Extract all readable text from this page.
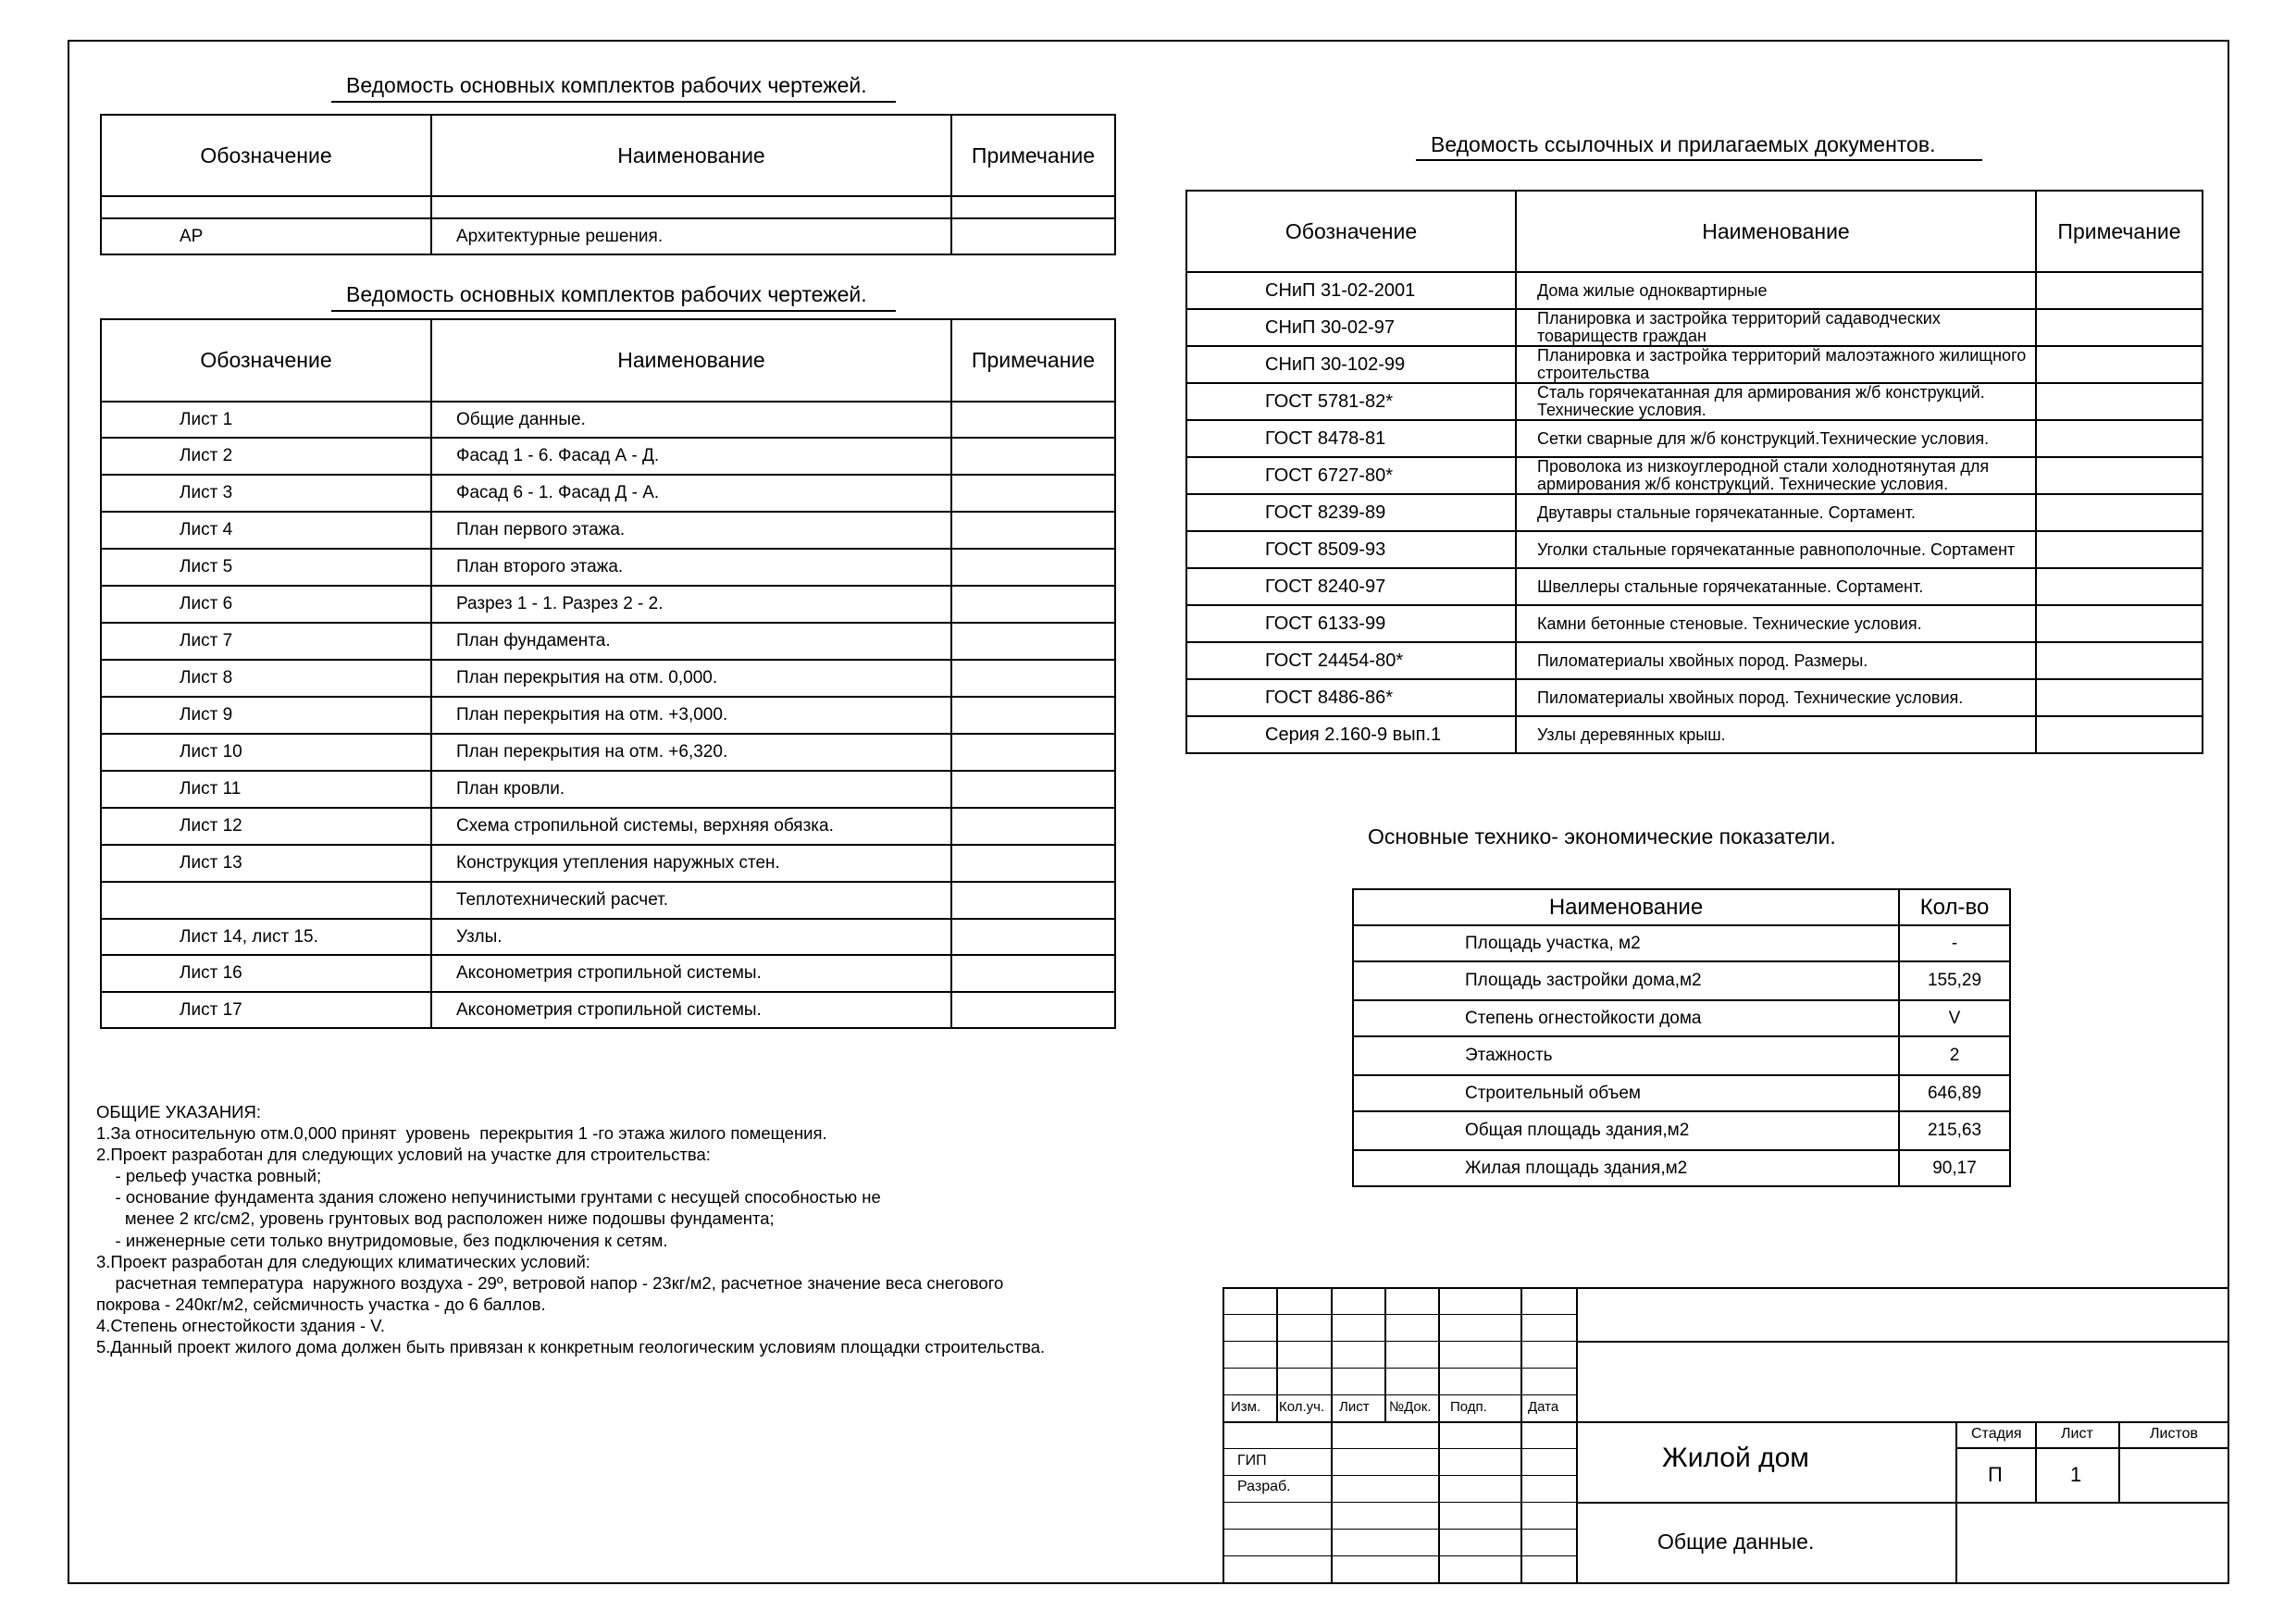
Ведомость основных комплектов рабочих чертежей.
Обозначение	Наименование	Примечание

АР	Архитектурные решения.	
Ведомость основных комплектов рабочих чертежей.
Обозначение	Наименование	Примечание
Лист 1	Общие данные.	
Лист 2	Фасад 1 - 6. Фасад А - Д.	
Лист 3	Фасад 6 - 1. Фасад Д - А.	
Лист 4	План первого этажа.	
Лист 5	План второго этажа.	
Лист 6	Разрез 1 - 1. Разрез 2 - 2.	
Лист 7	План фундамента.	
Лист 8	План перекрытия на отм. 0,000.	
Лист 9	План перекрытия на отм. +3,000.	
Лист 10	План перекрытия на отм. +6,320.	
Лист 11	План кровли.	
Лист 12	Схема стропильной системы, верхняя обязка.	
Лист 13	Конструкция утепления наружных стен.	
	Теплотехнический расчет.	
Лист 14, лист 15.	Узлы.	
Лист 16	Аксонометрия стропильной системы.	
Лист 17	Аксонометрия стропильной системы.	
Ведомость ссылочных и прилагаемых документов.
Обозначение	Наименование	Примечание
СНиП 31-02-2001	Дома жилые одноквартирные	
СНиП 30-02-97	Планировка и застройка территорий садаводческих товариществ граждан	
СНиП 30-102-99	Планировка и застройка территорий малоэтажного жилищного строительства	
ГОСТ 5781-82*	Сталь горячекатанная для армирования ж/б конструкций. Технические условия.	
ГОСТ 8478-81	Сетки сварные для ж/б конструкций.Технические условия.	
ГОСТ 6727-80*	Проволока из низкоуглеродной стали холоднотянутая для армирования ж/б конструкций. Технические условия.	
ГОСТ 8239-89	Двутавры стальные горячекатанные. Сортамент.	
ГОСТ 8509-93	Уголки стальные горячекатанные равнополочные. Сортамент	
ГОСТ 8240-97	Швеллеры стальные горячекатанные. Сортамент.	
ГОСТ 6133-99	Камни бетонные стеновые. Технические условия.	
ГОСТ 24454-80*	Пиломатериалы хвойных пород. Размеры.	
ГОСТ 8486-86*	Пиломатериалы хвойных пород. Технические условия.	
Серия 2.160-9 вып.1	Узлы деревянных крыш.	
Основные технико- экономические показатели.
Наименование	Кол-во
Площадь участка, м2	-
Площадь застройки дома,м2	155,29
Степень огнестойкости дома	V
Этажность	2
Строительный объем	646,89
Общая площадь здания,м2	215,63
Жилая площадь здания,м2	90,17
ОБЩИЕ УКАЗАНИЯ:
1.За относительную отм.0,000 принят  уровень  перекрытия 1 -го этажа жилого помещения.
2.Проект разработан для следующих условий на участке для строительства:
- рельеф участка ровный;
- основание фундамента здания сложено непучинистыми грунтами с несущей способностью не
менее 2 кгс/см2, уровень грунтовых вод расположен ниже подошвы фундамента;
- инженерные сети только внутридомовые, без подключения к сетям.
3.Проект разработан для следующих климатических условий:
расчетная температура  наружного воздуха - 29º, ветровой напор - 23кг/м2, расчетное значение веса снегового
покрова - 240кг/м2, сейсмичность участка - до 6 баллов.
4.Степень огнестойкости здания - V.
5.Данный проект жилого дома должен быть привязан к конкретным геологическим условиям площадки строительства.
Изм. Кол.уч. Лист №Док. Подп.	Дата
ГИП
Разраб.
Жилой дом
Общие данные.
Стадия	Лист	Листов
П	1
